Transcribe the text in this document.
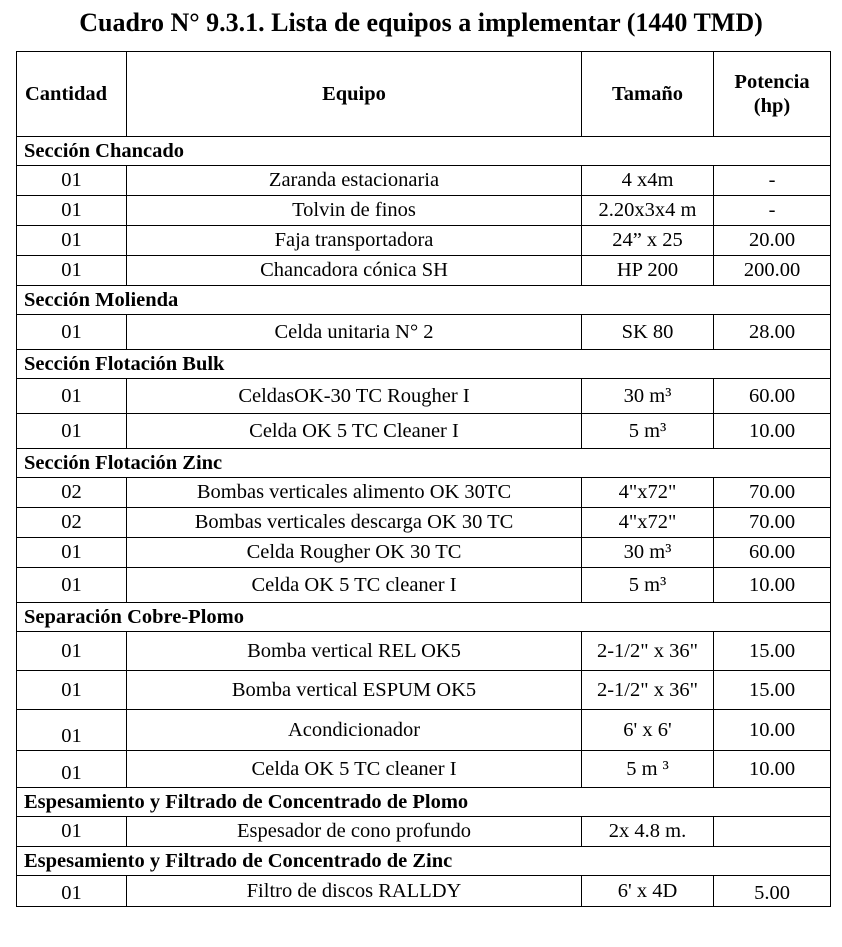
Cuadro N° 9.3.1. Lista de equipos a implementar (1440 TMD)
Cantidad	Equipo	Tamaño	Potencia
(hp)
Sección Chancado			
01	Zaranda estacionaria	4 x4m	-
01	Tolvin de finos	2.20x3x4 m	-
01	Faja transportadora	24” x 25	20.00
01	Chancadora cónica SH	HP 200	200.00
Sección Molienda			
01	Celda unitaria N° 2	SK 80	28.00
Sección Flotación Bulk			
01	CeldasOK-30 TC Rougher I	30 m³	60.00
01	Celda OK 5 TC Cleaner I	5 m³	10.00
Sección Flotación Zinc			
02	Bombas verticales alimento OK 30TC	4"x72"	70.00
02	Bombas verticales descarga OK 30 TC	4"x72"	70.00
01	Celda Rougher OK 30 TC	30 m³	60.00
01	Celda OK 5 TC cleaner I	5 m³	10.00
Separación Cobre-Plomo			
01	Bomba vertical REL OK5	2-1/2" x 36"	15.00
01	Bomba vertical ESPUM OK5	2-1/2" x 36"	15.00
01	Acondicionador	6' x 6'	10.00
01	Celda OK 5 TC cleaner I	5 m ³	10.00
Espesamiento y Filtrado de Concentrado de Plomo			
01	Espesador de cono profundo	2x 4.8 m.	
Espesamiento y Filtrado de Concentrado de Zinc			
01	Filtro de discos RALLDY	6' x 4D	5.00
